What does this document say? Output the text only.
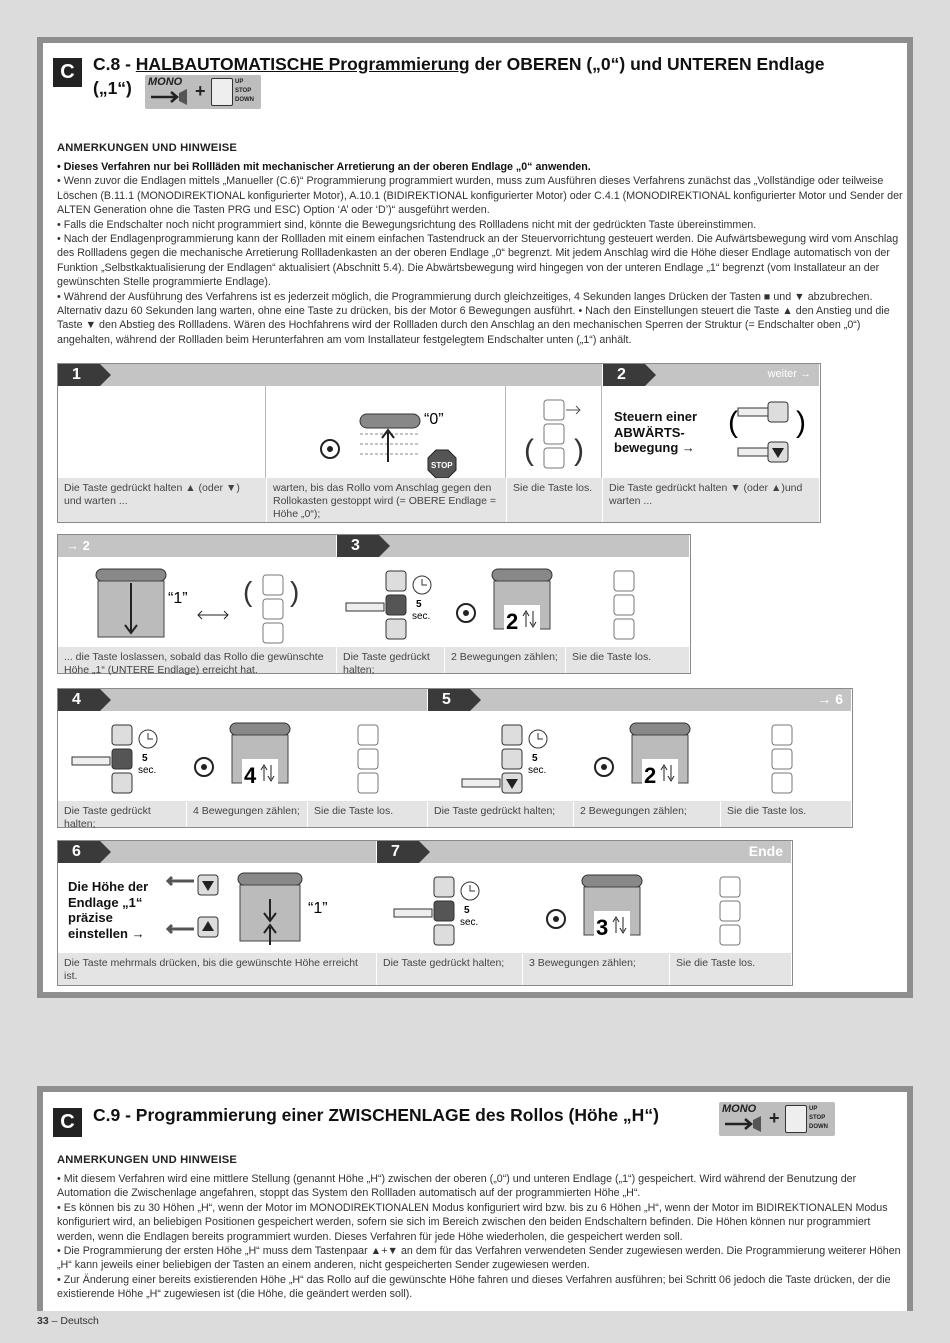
C	C.8 - HALBAUTOMATISCHE Programmierung der OBEREN („0“) und UNTEREN Endlage
(„1“) MONO +	UP
STOP
DOWN
ANMERKUNGEN UND HINWEISE

• Dieses Verfahren nur bei Rollläden mit mechanischer Arretierung an der oberen Endlage „0“ anwenden.

• Wenn zuvor die Endlagen mittels „Manueller (C.6)“ Programmierung programmiert wurden, muss zum Ausführen dieses Verfahrens zunächst das „Vollständige oder teilweise Löschen (B.11.1 (MONODIREKTIONAL konfigurierter Motor), A.10.1 (BIDIREKTIONAL konfigurierter Motor) oder C.4.1 (MONODIREKTIONAL konfigurierter Motor und Sender der ALTEN Generation ohne die Tasten PRG und ESC) Option ‘A’ oder ‘D’)“ ausgeführt werden.

• Falls die Endschalter noch nicht programmiert sind, könnte die Bewegungsrichtung des Rollladens nicht mit der gedrückten Taste übereinstimmen.

• Nach der Endlagenprogrammierung kann der Rollladen mit einem einfachen Tastendruck an der Steuervorrichtung gesteuert werden. Die Aufwärtsbewegung wird vom Anschlag des Rollladens gegen die mechanische Arretierung Rollladenkasten an der oberen Endlage „0“ begrenzt. Mit jedem Anschlag wird die Höhe dieser Endlage automatisch von der Funktion „Selbstkaktualisierung der Endlagen“ aktualisiert (Abschnitt 5.4). Die Abwärtsbewegung wird hingegen von der unteren Endlage „1“ begrenzt (vom Installateur an der gewünschten Stelle programmierte Endlage).

• Während der Ausführung des Verfahrens ist es jederzeit möglich, die Programmierung durch gleichzeitiges, 4 Sekunden langes Drücken der Tasten ■ und ▼ abzubrechen. Alternativ dazu 60 Sekunden lang warten, ohne eine Taste zu drücken, bis der Motor 6 Bewegungen ausführt. • Nach den Einstellungen steuert die Taste ▲ den Anstieg und die Taste ▼ den Abstieg des Rollladens. Wären des Hochfahrens wird der Rollladen durch den Anschlag an den mechanischen Sperren der Struktur (= Endschalter oben „0“) angehalten, während der Rollladen beim Herunterfahren am vom Installateur festgelegtem Endschalter unten („1“) anhält.

1	2	weiter →
“0”
STOP ( )
Steuern einer ABWÄRTS-bewegung →
( )
Die Taste gedrückt halten ▲ (oder ▼) und warten ...
warten, bis das Rollo vom Anschlag gegen den Rollokasten gestoppt wird (= OBERE Endlage = Höhe „0“);
Sie die Taste los.	Die Taste gedrückt halten ▼ (oder ▲)und warten ...
→ 2	3
“1” ( )	5
sec.	2
... die Taste loslassen, sobald das Rollo die gewünschte Höhe „1“ (UNTERE Endlage) erreicht hat.
Die Taste gedrückt halten;
2 Bewegungen zählen;	Sie die Taste los.
4	5	→ 6
5
sec.	4
5
sec.	2
Die Taste gedrückt halten;
4 Bewegungen zählen;	Sie die Taste los.	Die Taste gedrückt halten;	2 Bewegungen zählen;	Sie die Taste los.
6	7	Ende
Die Höhe der Endlage „1“ präzise einstellen →
“1”	5
sec.	3
Die Taste mehrmals drücken, bis die gewünschte Höhe erreicht ist.
Die Taste gedrückt halten;	3 Bewegungen zählen;	Sie die Taste los.
C	C.9 - Programmierung einer ZWISCHENLAGE des Rollos (Höhe „H“)	MONO +	UP
STOP
DOWN
ANMERKUNGEN UND HINWEISE

• Mit diesem Verfahren wird eine mittlere Stellung (genannt Höhe „H“) zwischen der oberen („0“) und unteren Endlage („1“) gespeichert. Wird während der Benutzung der Automation die Zwischenlage angefahren, stoppt das System den Rollladen automatisch auf der programmierten Höhe „H“.

• Es können bis zu 30 Höhen „H“, wenn der Motor im MONODIREKTIONALEN Modus konfiguriert wird bzw. bis zu 6 Höhen „H“, wenn der Motor im BIDIREKTIONALEN Modus konfiguriert wird, an beliebigen Positionen gespeichert werden, sofern sie sich im Bereich zwischen den beiden Endschaltern befinden. Die Höhen können nur programmiert werden, wenn die Endlagen bereits programmiert wurden. Dieses Verfahren für jede Höhe wiederholen, die gespeichert werden soll.

• Die Programmierung der ersten Höhe „H“ muss dem Tastenpaar ▲+▼ an dem für das Verfahren verwendeten Sender zugewiesen werden. Die Programmierung weiterer Höhen „H“ kann jeweils einer beliebigen der Tasten an einem anderen, nicht gespeicherten Sender zugewiesen werden.

• Zur Änderung einer bereits existierenden Höhe „H“ das Rollo auf die gewünschte Höhe fahren und dieses Verfahren ausführen; bei Schritt 06 jedoch die Taste drücken, der die existierende Höhe „H“ zugewiesen ist (die Höhe, die geändert werden soll).

33 – Deutsch
